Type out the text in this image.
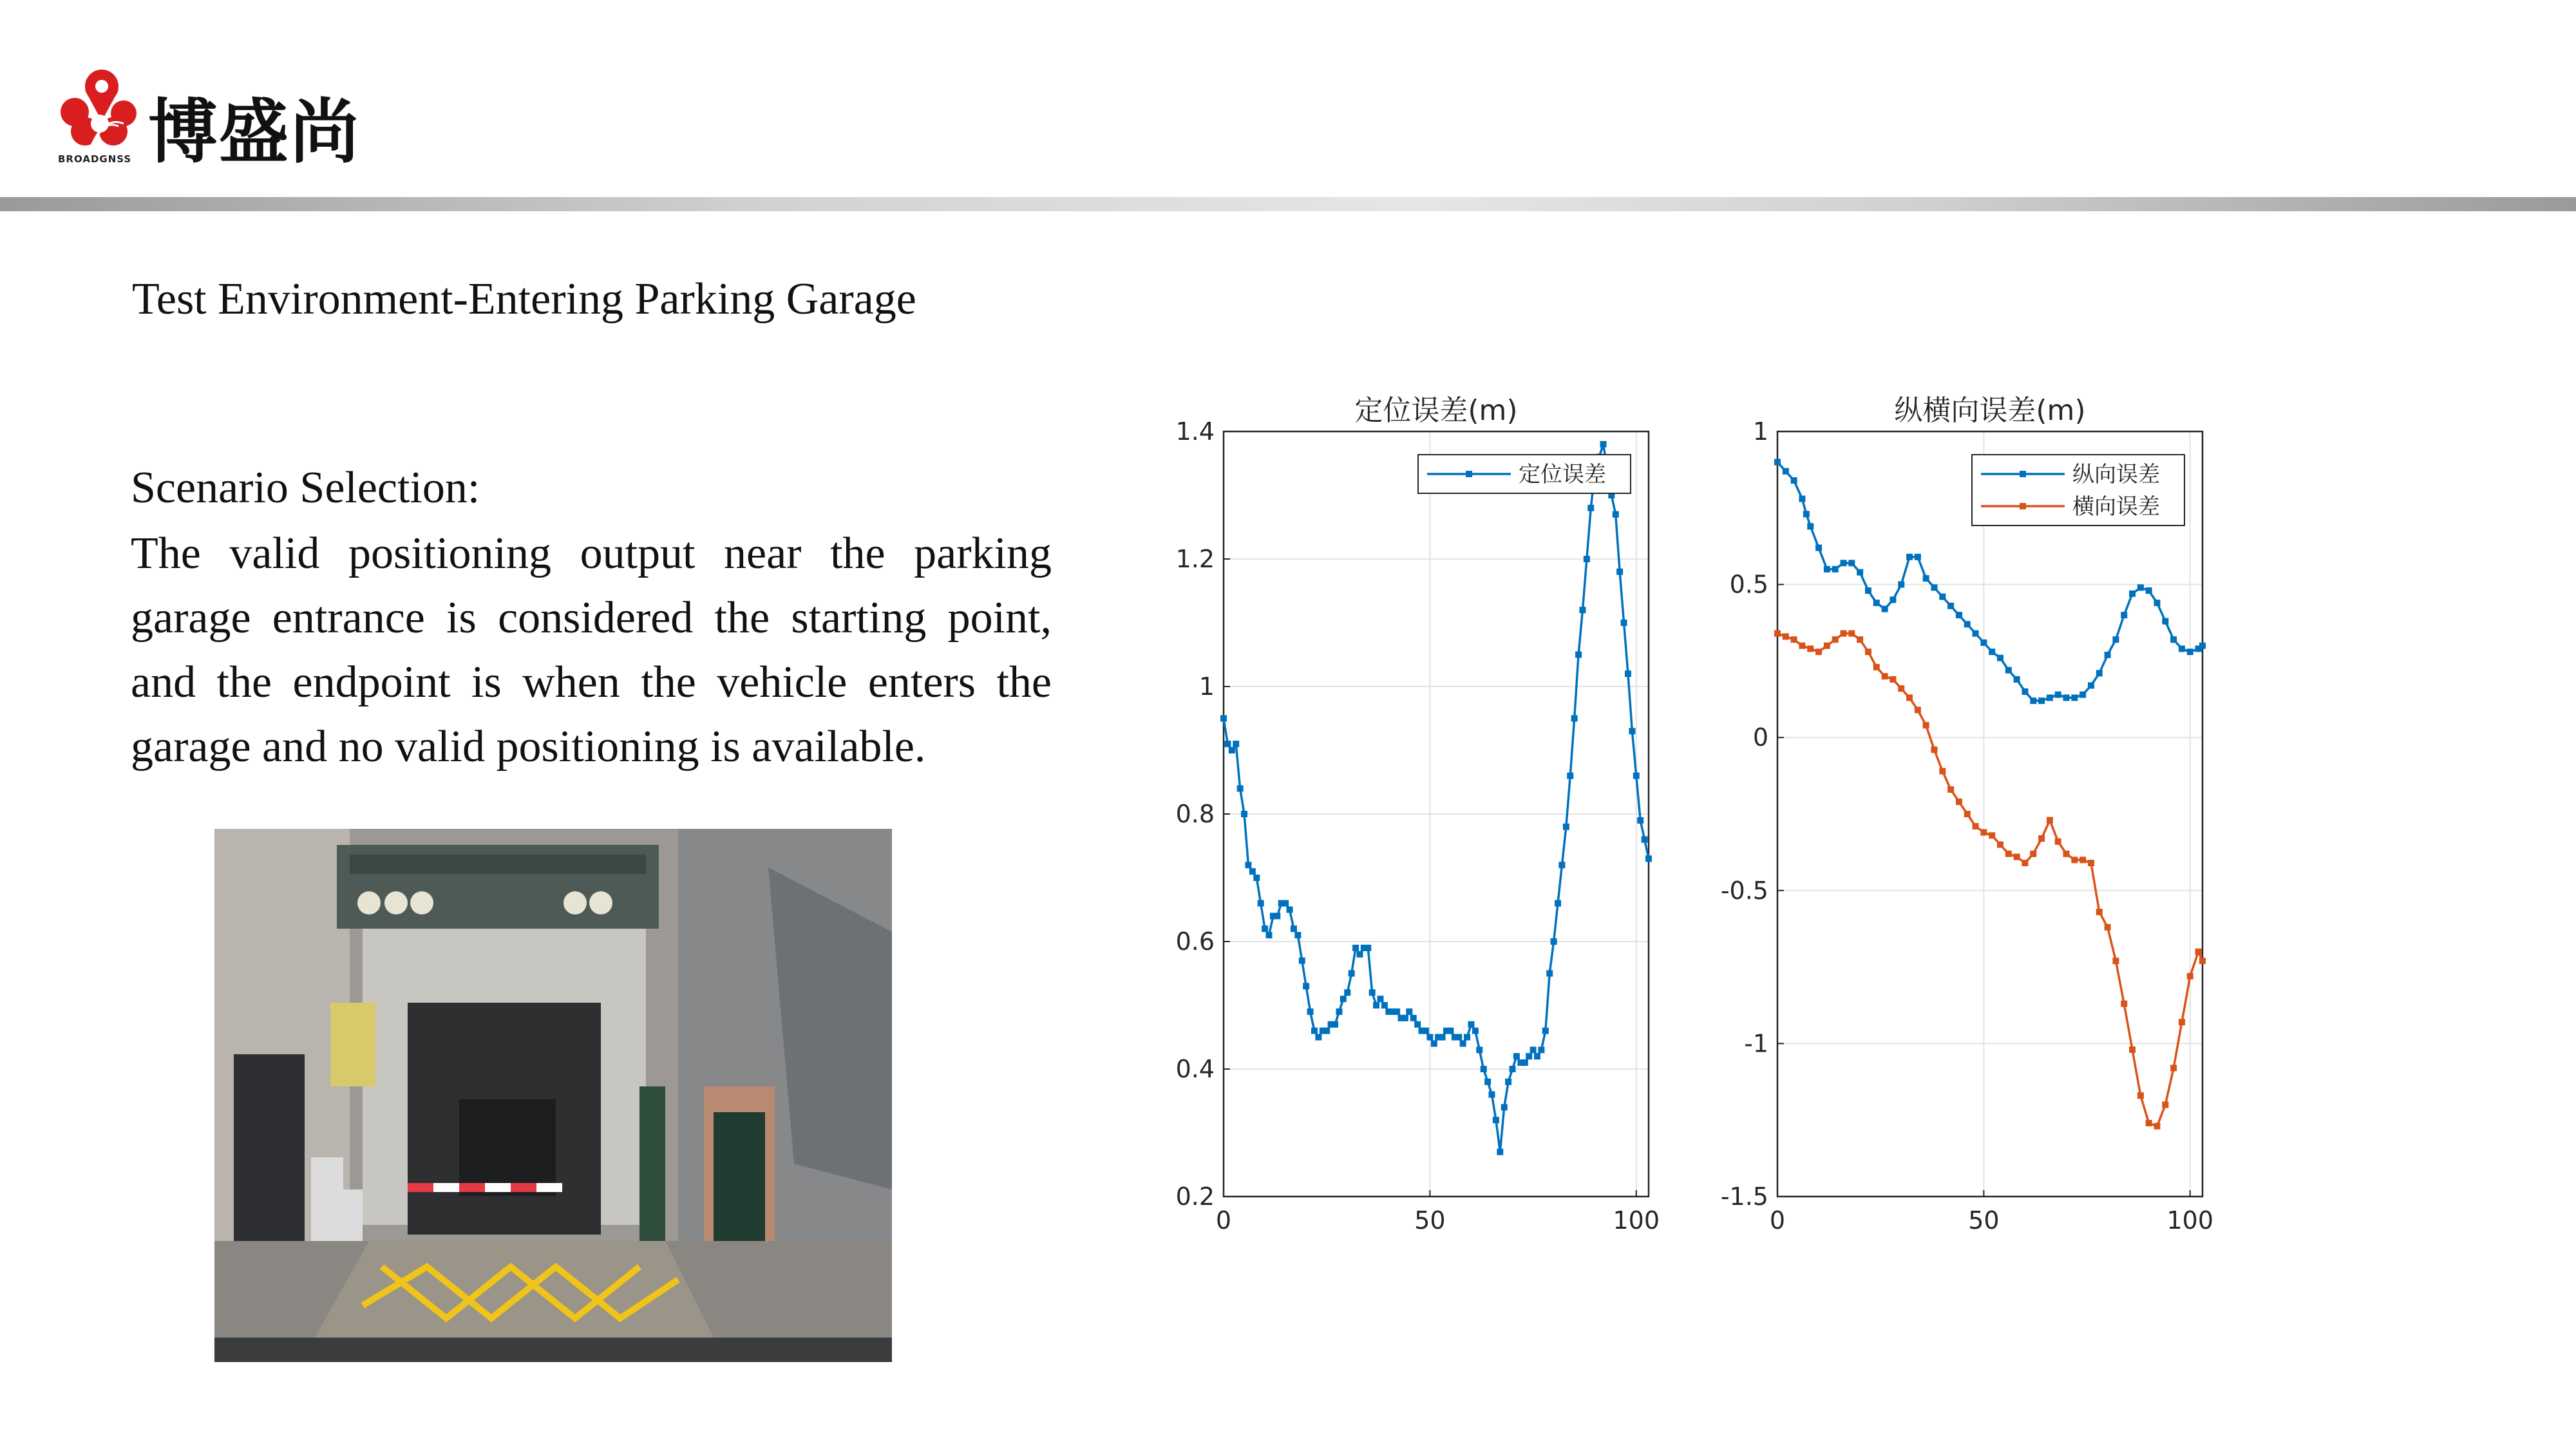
博盛尚
BROADGNSS
Test Environment-Entering Parking Garage
Scenario Selection:
The valid positioning output near the parking garage entrance is considered the starting point, and the endpoint is when the vehicle enters the garage and no valid positioning is available.
0	50	100
0.2
0.4
0.6
0.8
1
1.2
1.4
定位误差(m)
定位误差
0	50	100
-1.5
-1
-0.5
0
0.5
1
纵横向误差(m)
纵向误差
横向误差
